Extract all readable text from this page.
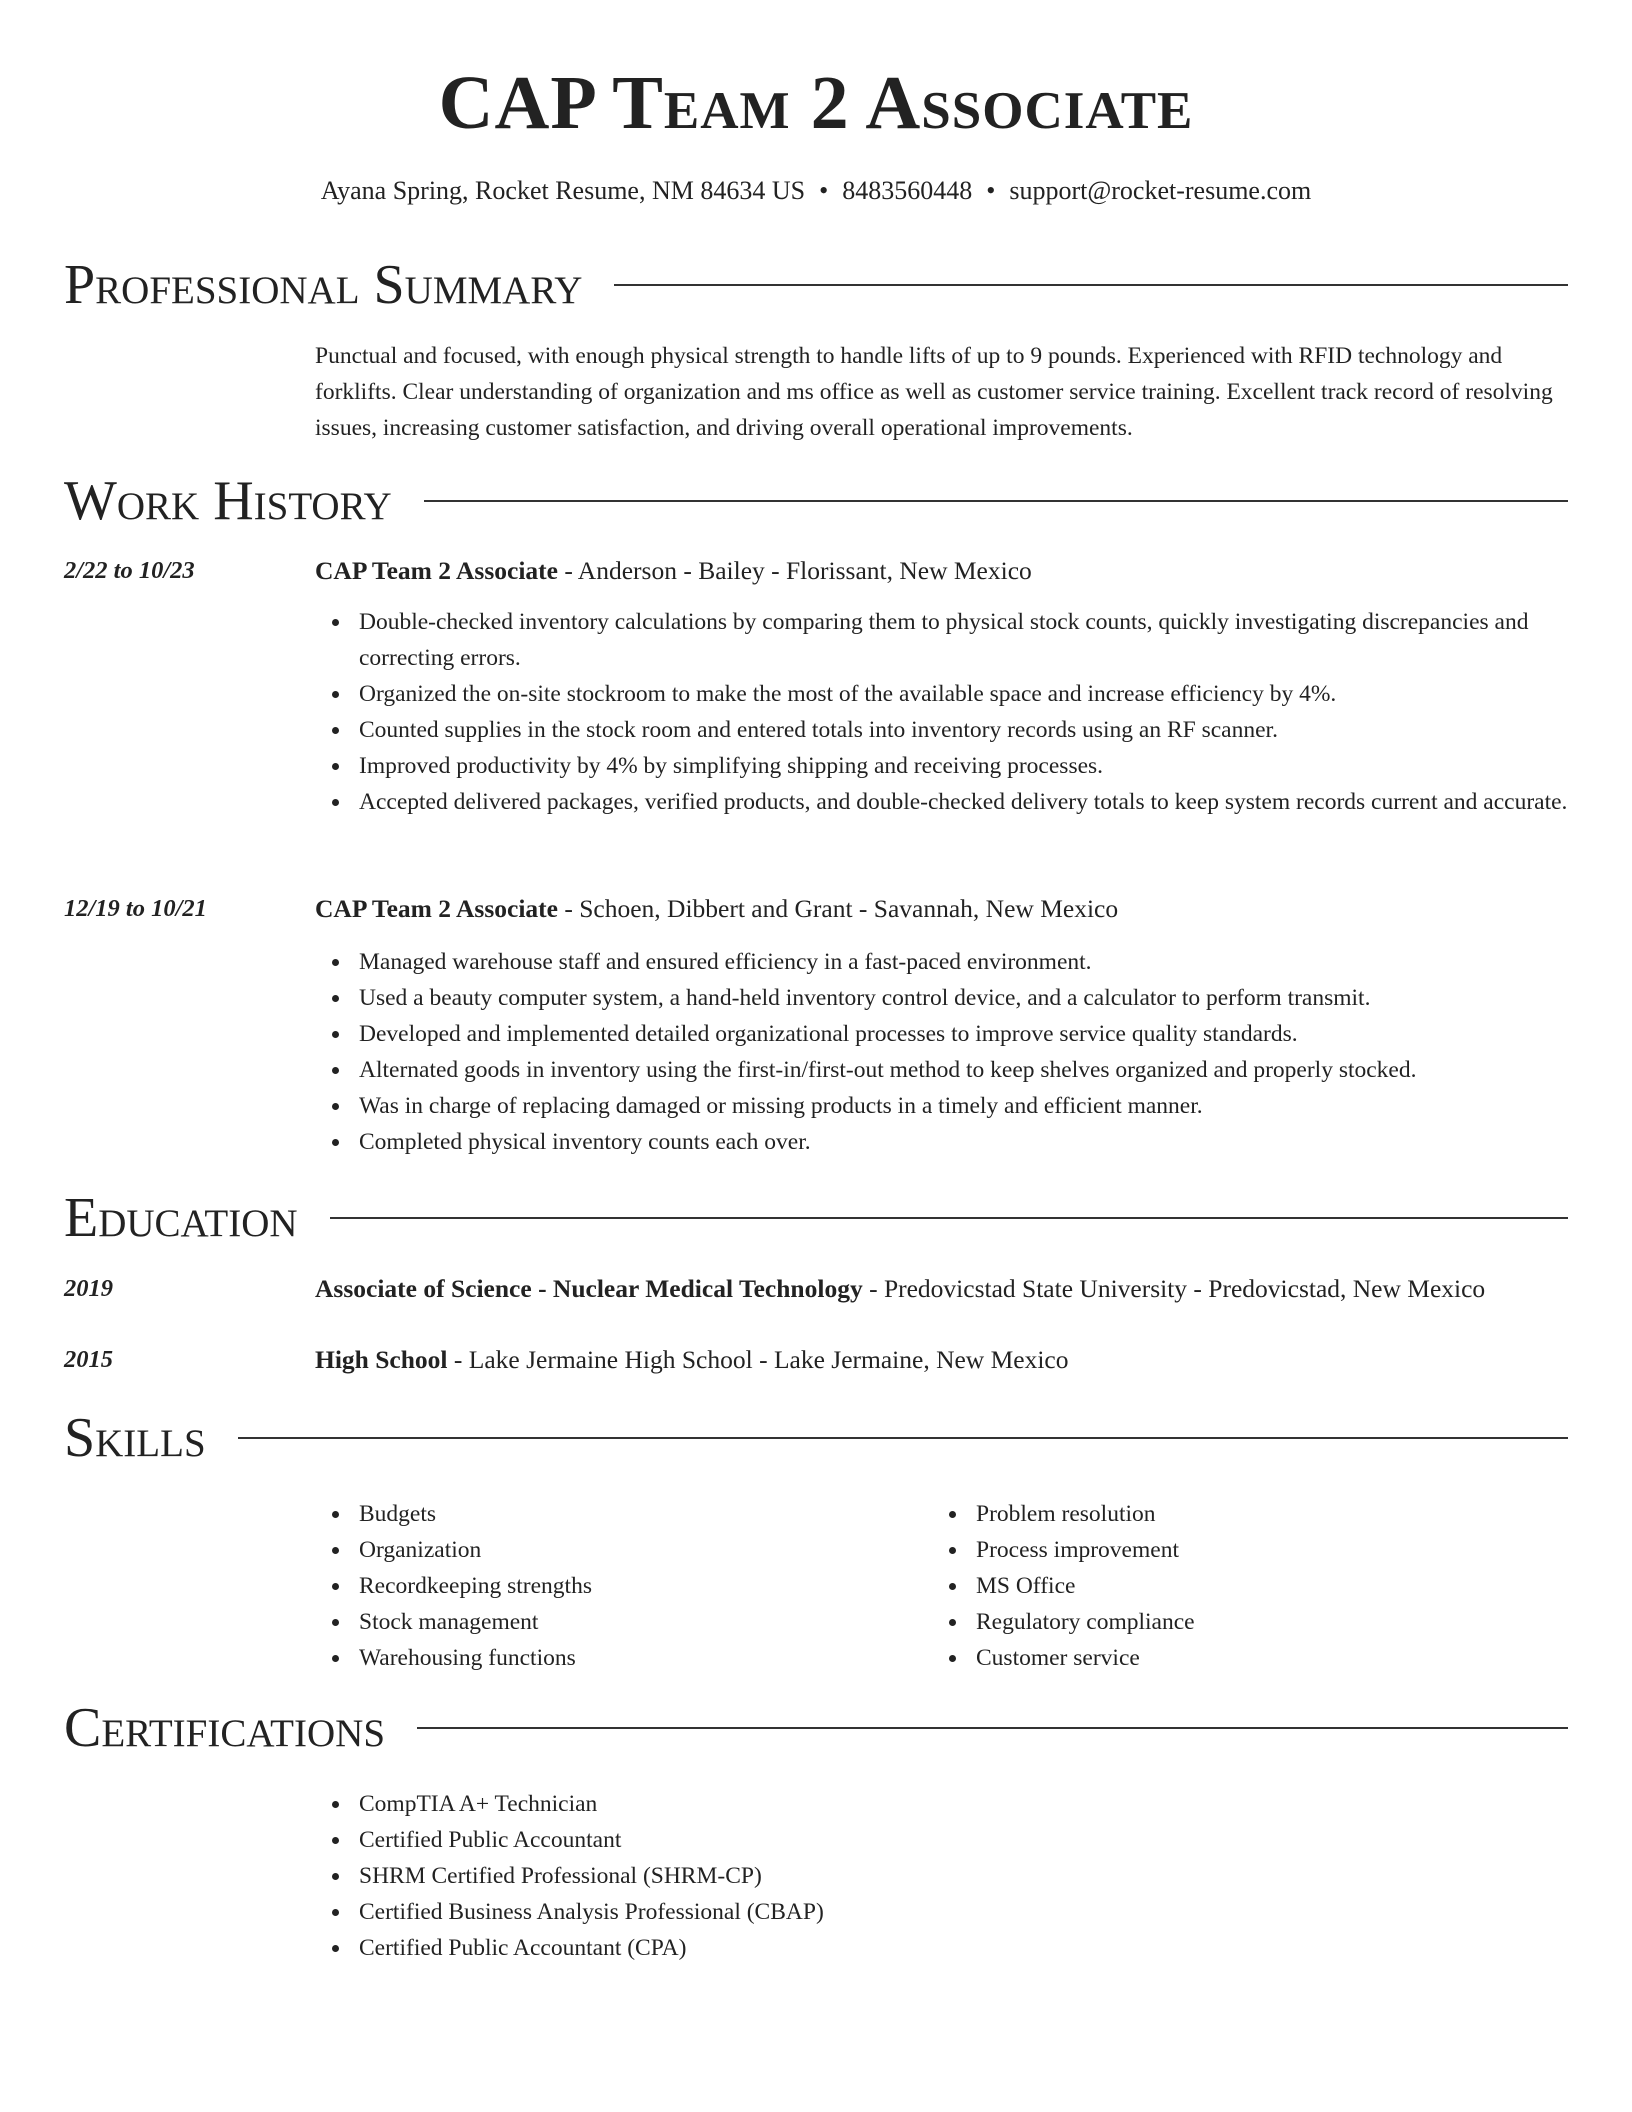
CAP Team 2 Associate
Ayana Spring, Rocket Resume, NM 84634 US • 8483560448 • support@rocket-resume.com
Professional Summary

Punctual and focused, with enough physical strength to handle lifts of up to 9 pounds. Experienced with RFID technology and forklifts. Clear understanding of organization and ms office as well as customer service training. Excellent track record of resolving issues, increasing customer satisfaction, and driving overall operational improvements.

Work History
2/22 to 10/23	CAP Team 2 Associate - Anderson - Bailey - Florissant, New Mexico
Double-checked inventory calculations by comparing them to physical stock counts, quickly investigating discrepancies and correcting errors.
Organized the on-site stockroom to make the most of the available space and increase efficiency by 4%.
Counted supplies in the stock room and entered totals into inventory records using an RF scanner.
Improved productivity by 4% by simplifying shipping and receiving processes.
Accepted delivered packages, verified products, and double-checked delivery totals to keep system records current and accurate.
12/19 to 10/21	CAP Team 2 Associate - Schoen, Dibbert and Grant - Savannah, New Mexico
Managed warehouse staff and ensured efficiency in a fast-paced environment.
Used a beauty computer system, a hand-held inventory control device, and a calculator to perform transmit.
Developed and implemented detailed organizational processes to improve service quality standards.
Alternated goods in inventory using the first-in/first-out method to keep shelves organized and properly stocked.
Was in charge of replacing damaged or missing products in a timely and efficient manner.
Completed physical inventory counts each over.
Education
2019	Associate of Science - Nuclear Medical Technology - Predovicstad State University - Predovicstad, New Mexico
2015	High School - Lake Jermaine High School - Lake Jermaine, New Mexico
Skills
Budgets
Organization
Recordkeeping strengths
Stock management
Warehousing functions
Problem resolution
Process improvement
MS Office
Regulatory compliance
Customer service
Certifications
CompTIA A+ Technician
Certified Public Accountant
SHRM Certified Professional (SHRM-CP)
Certified Business Analysis Professional (CBAP)
Certified Public Accountant (CPA)
